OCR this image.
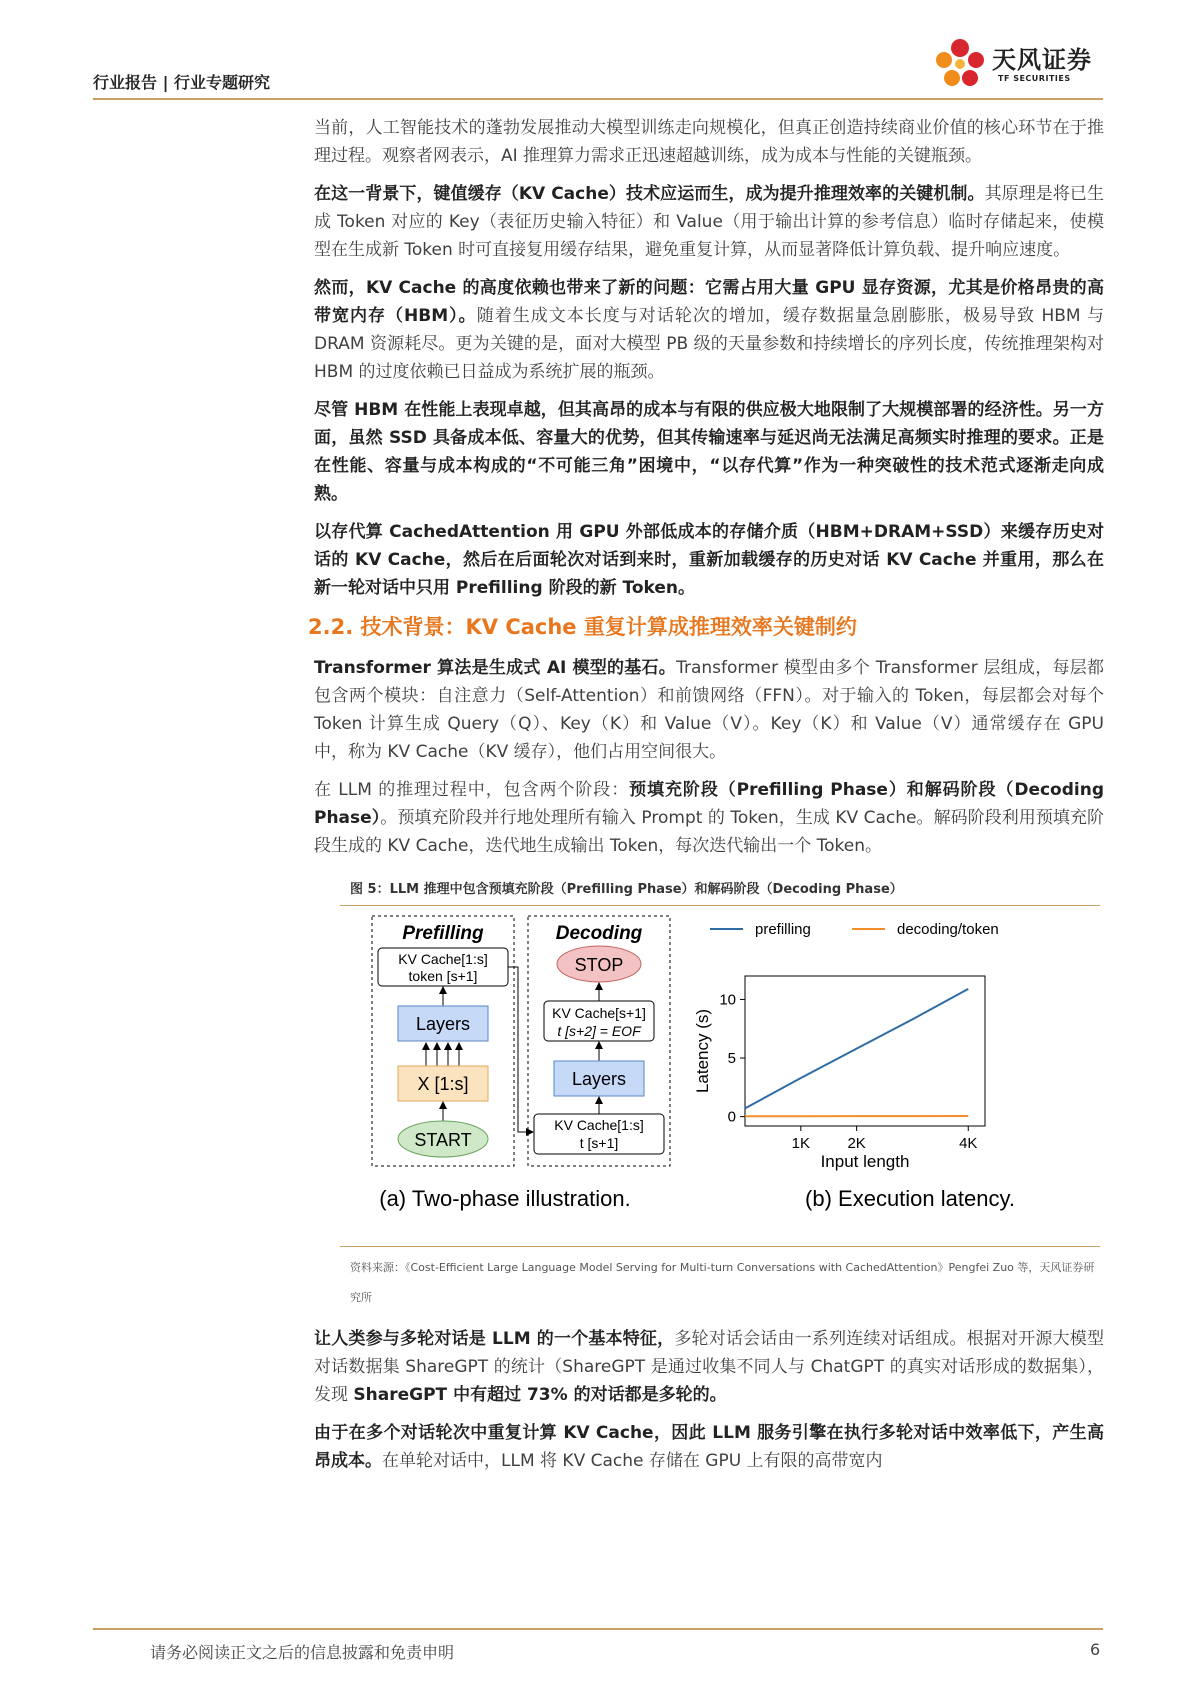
行业报告 | 行业专题研究
天风证券
TF SECURITIES

当前，人工智能技术的蓬勃发展推动大模型训练走向规模化，但真正创造持续商业价值的核心环节在于推理过程。观察者网表示，AI 推理算力需求正迅速超越训练，成为成本与性能的关键瓶颈。

在这一背景下，键值缓存（KV Cache）技术应运而生，成为提升推理效率的关键机制。其原理是将已生成 Token 对应的 Key（表征历史输入特征）和 Value（用于输出计算的参考信息）临时存储起来，使模型在生成新 Token 时可直接复用缓存结果，避免重复计算，从而显著降低计算负载、提升响应速度。

然而，KV Cache 的高度依赖也带来了新的问题：它需占用大量 GPU 显存资源，尤其是价格昂贵的高带宽内存（HBM）。随着生成文本长度与对话轮次的增加，缓存数据量急剧膨胀，极易导致 HBM 与 DRAM 资源耗尽。更为关键的是，面对大模型 PB 级的天量参数和持续增长的序列长度，传统推理架构对 HBM 的过度依赖已日益成为系统扩展的瓶颈。

尽管 HBM 在性能上表现卓越，但其高昂的成本与有限的供应极大地限制了大规模部署的经济性。另一方面，虽然 SSD 具备成本低、容量大的优势，但其传输速率与延迟尚无法满足高频实时推理的要求。正是在性能、容量与成本构成的“不可能三角”困境中，“以存代算”作为一种突破性的技术范式逐渐走向成熟。

以存代算 CachedAttention 用 GPU 外部低成本的存储介质（HBM+DRAM+SSD）来缓存历史对话的 KV Cache，然后在后面轮次对话到来时，重新加载缓存的历史对话 KV Cache 并重用，那么在新一轮对话中只用 Prefilling 阶段的新 Token。

2.2. 技术背景：KV Cache 重复计算成推理效率关键制约

Transformer 算法是生成式 AI 模型的基石。Transformer 模型由多个 Transformer 层组成，每层都包含两个模块：自注意力（Self-Attention）和前馈网络（FFN）。对于输入的 Token，每层都会对每个 Token 计算生成 Query（Q）、Key（K）和 Value（V）。Key（K）和 Value（V）通常缓存在 GPU 中，称为 KV Cache（KV 缓存），他们占用空间很大。

在 LLM 的推理过程中，包含两个阶段：预填充阶段（Prefilling Phase）和解码阶段（Decoding Phase）。预填充阶段并行地处理所有输入 Prompt 的 Token，生成 KV Cache。解码阶段利用预填充阶段生成的 KV Cache，迭代地生成输出 Token，每次迭代输出一个 Token。

图 5：LLM 推理中包含预填充阶段（Prefilling Phase）和解码阶段（Decoding Phase）
Prefilling
KV Cache[1:s]
token [s+1]
Layers
X [1:s]
START
Decoding
STOP
KV Cache[s+1]
t [s+2] = EOF
Layers
KV Cache[1:s]
t [s+1]
(a) Two-phase illustration.
prefilling	decoding/token
Latency (s)
Input length
0
5
10
1K 2K	4K
(b) Execution latency.
资料来源：《Cost-Efficient Large Language Model Serving for Multi-turn Conversations with CachedAttention》Pengfei Zuo 等，天风证券研究所

让人类参与多轮对话是 LLM 的一个基本特征，多轮对话会话由一系列连续对话组成。根据对开源大模型对话数据集 ShareGPT 的统计（ShareGPT 是通过收集不同人与 ChatGPT 的真实对话形成的数据集），发现 ShareGPT 中有超过 73% 的对话都是多轮的。

由于在多个对话轮次中重复计算 KV Cache，因此 LLM 服务引擎在执行多轮对话中效率低下，产生高昂成本。在单轮对话中，LLM 将 KV Cache 存储在 GPU 上有限的高带宽内

请务必阅读正文之后的信息披露和免责申明	6
